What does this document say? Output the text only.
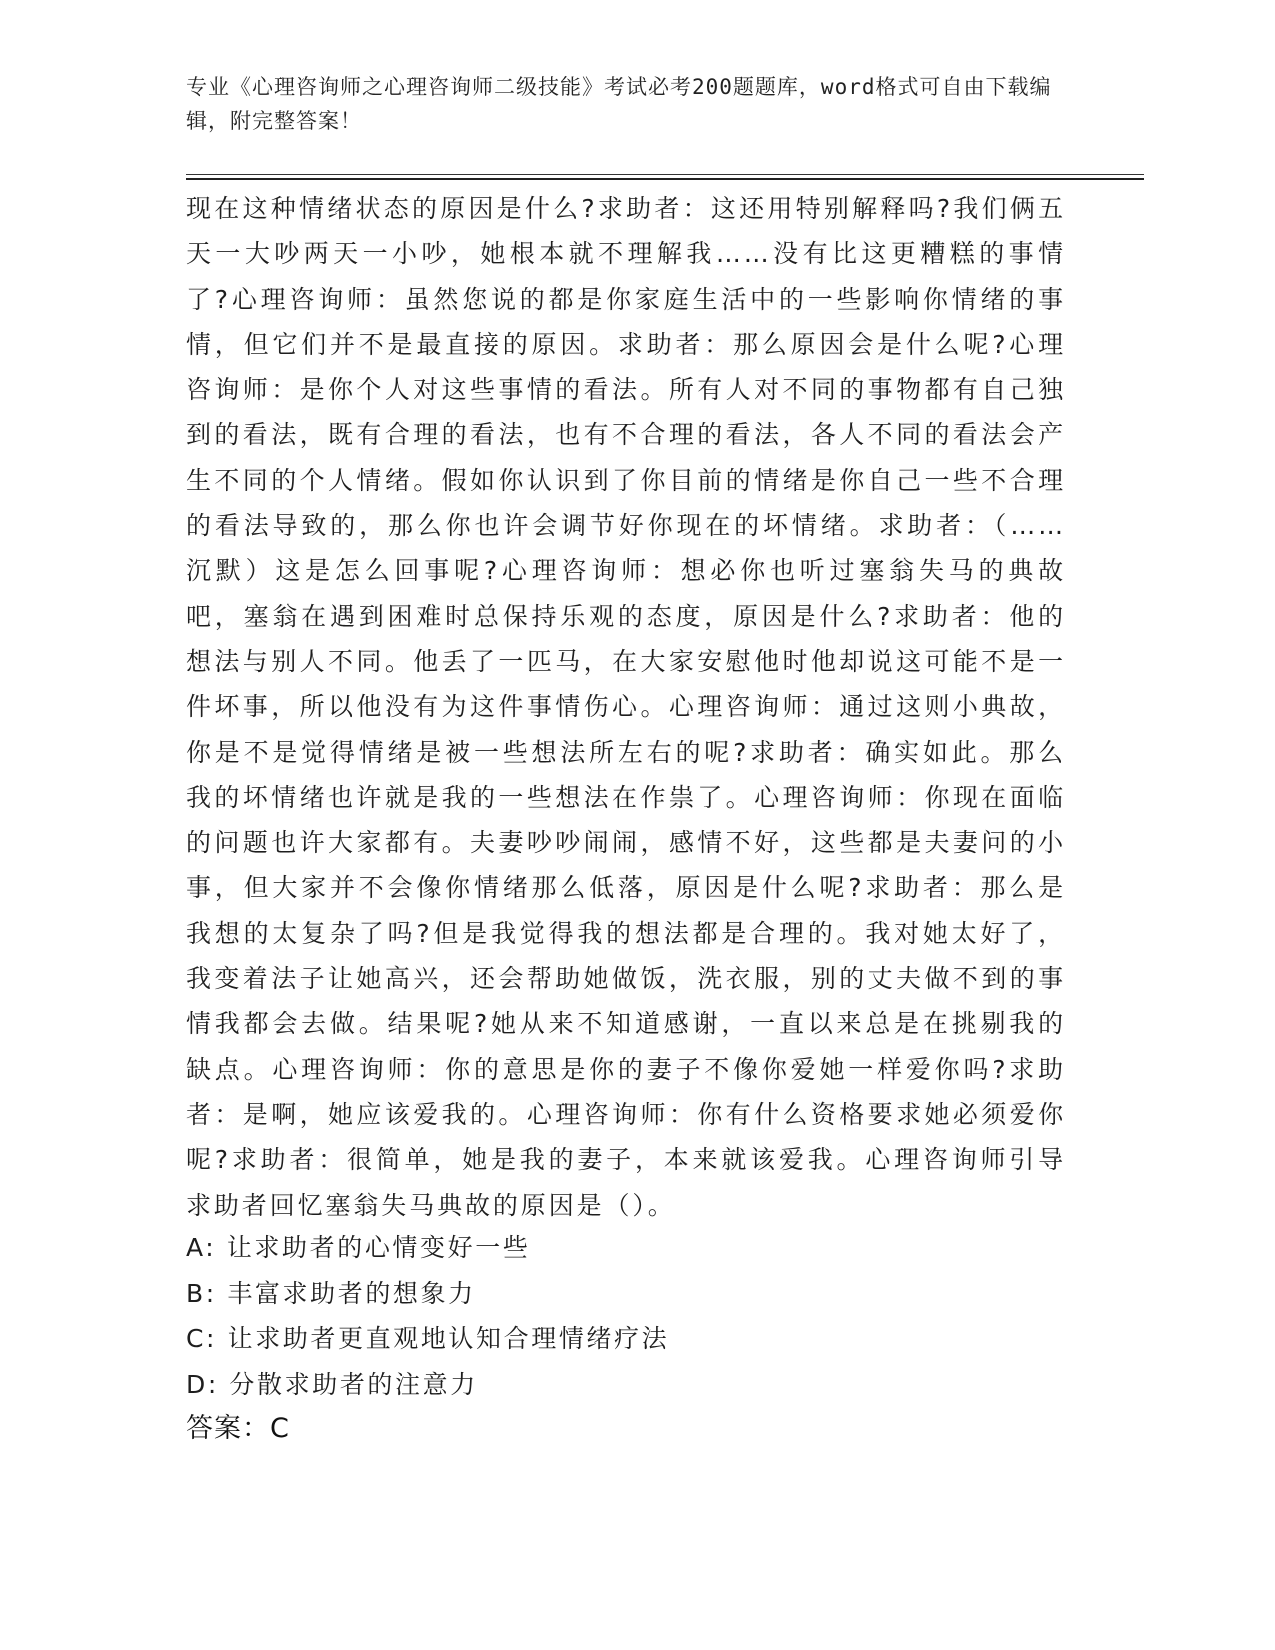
专业《心理咨询师之心理咨询师二级技能》考试必考200题题库，word格式可自由下载编辑，附完整答案！
现在这种情绪状态的原因是什么?求助者：这还用特别解释吗?我们俩五天一大吵两天一小吵，她根本就不理解我……没有比这更糟糕的事情了?心理咨询师：虽然您说的都是你家庭生活中的一些影响你情绪的事情，但它们并不是最直接的原因。求助者：那么原因会是什么呢?心理咨询师：是你个人对这些事情的看法。所有人对不同的事物都有自己独到的看法，既有合理的看法，也有不合理的看法，各人不同的看法会产生不同的个人情绪。假如你认识到了你目前的情绪是你自己一些不合理的看法导致的，那么你也许会调节好你现在的坏情绪。求助者：（……沉默）这是怎么回事呢?心理咨询师：想必你也听过塞翁失马的典故吧，塞翁在遇到困难时总保持乐观的态度，原因是什么?求助者：他的想法与别人不同。他丢了一匹马，在大家安慰他时他却说这可能不是一件坏事，所以他没有为这件事情伤心。心理咨询师：通过这则小典故，你是不是觉得情绪是被一些想法所左右的呢?求助者：确实如此。那么我的坏情绪也许就是我的一些想法在作祟了。心理咨询师：你现在面临的问题也许大家都有。夫妻吵吵闹闹，感情不好，这些都是夫妻问的小事，但大家并不会像你情绪那么低落，原因是什么呢?求助者：那么是我想的太复杂了吗?但是我觉得我的想法都是合理的。我对她太好了，我变着法子让她高兴，还会帮助她做饭，洗衣服，别的丈夫做不到的事情我都会去做。结果呢?她从来不知道感谢，一直以来总是在挑剔我的缺点。心理咨询师：你的意思是你的妻子不像你爱她一样爱你吗?求助者：是啊，她应该爱我的。心理咨询师：你有什么资格要求她必须爱你呢?求助者：很简单，她是我的妻子，本来就该爱我。心理咨询师引导求助者回忆塞翁失马典故的原因是（）。
A: 让求助者的心情变好一些
B: 丰富求助者的想象力
C: 让求助者更直观地认知合理情绪疗法
D: 分散求助者的注意力
答案：C
